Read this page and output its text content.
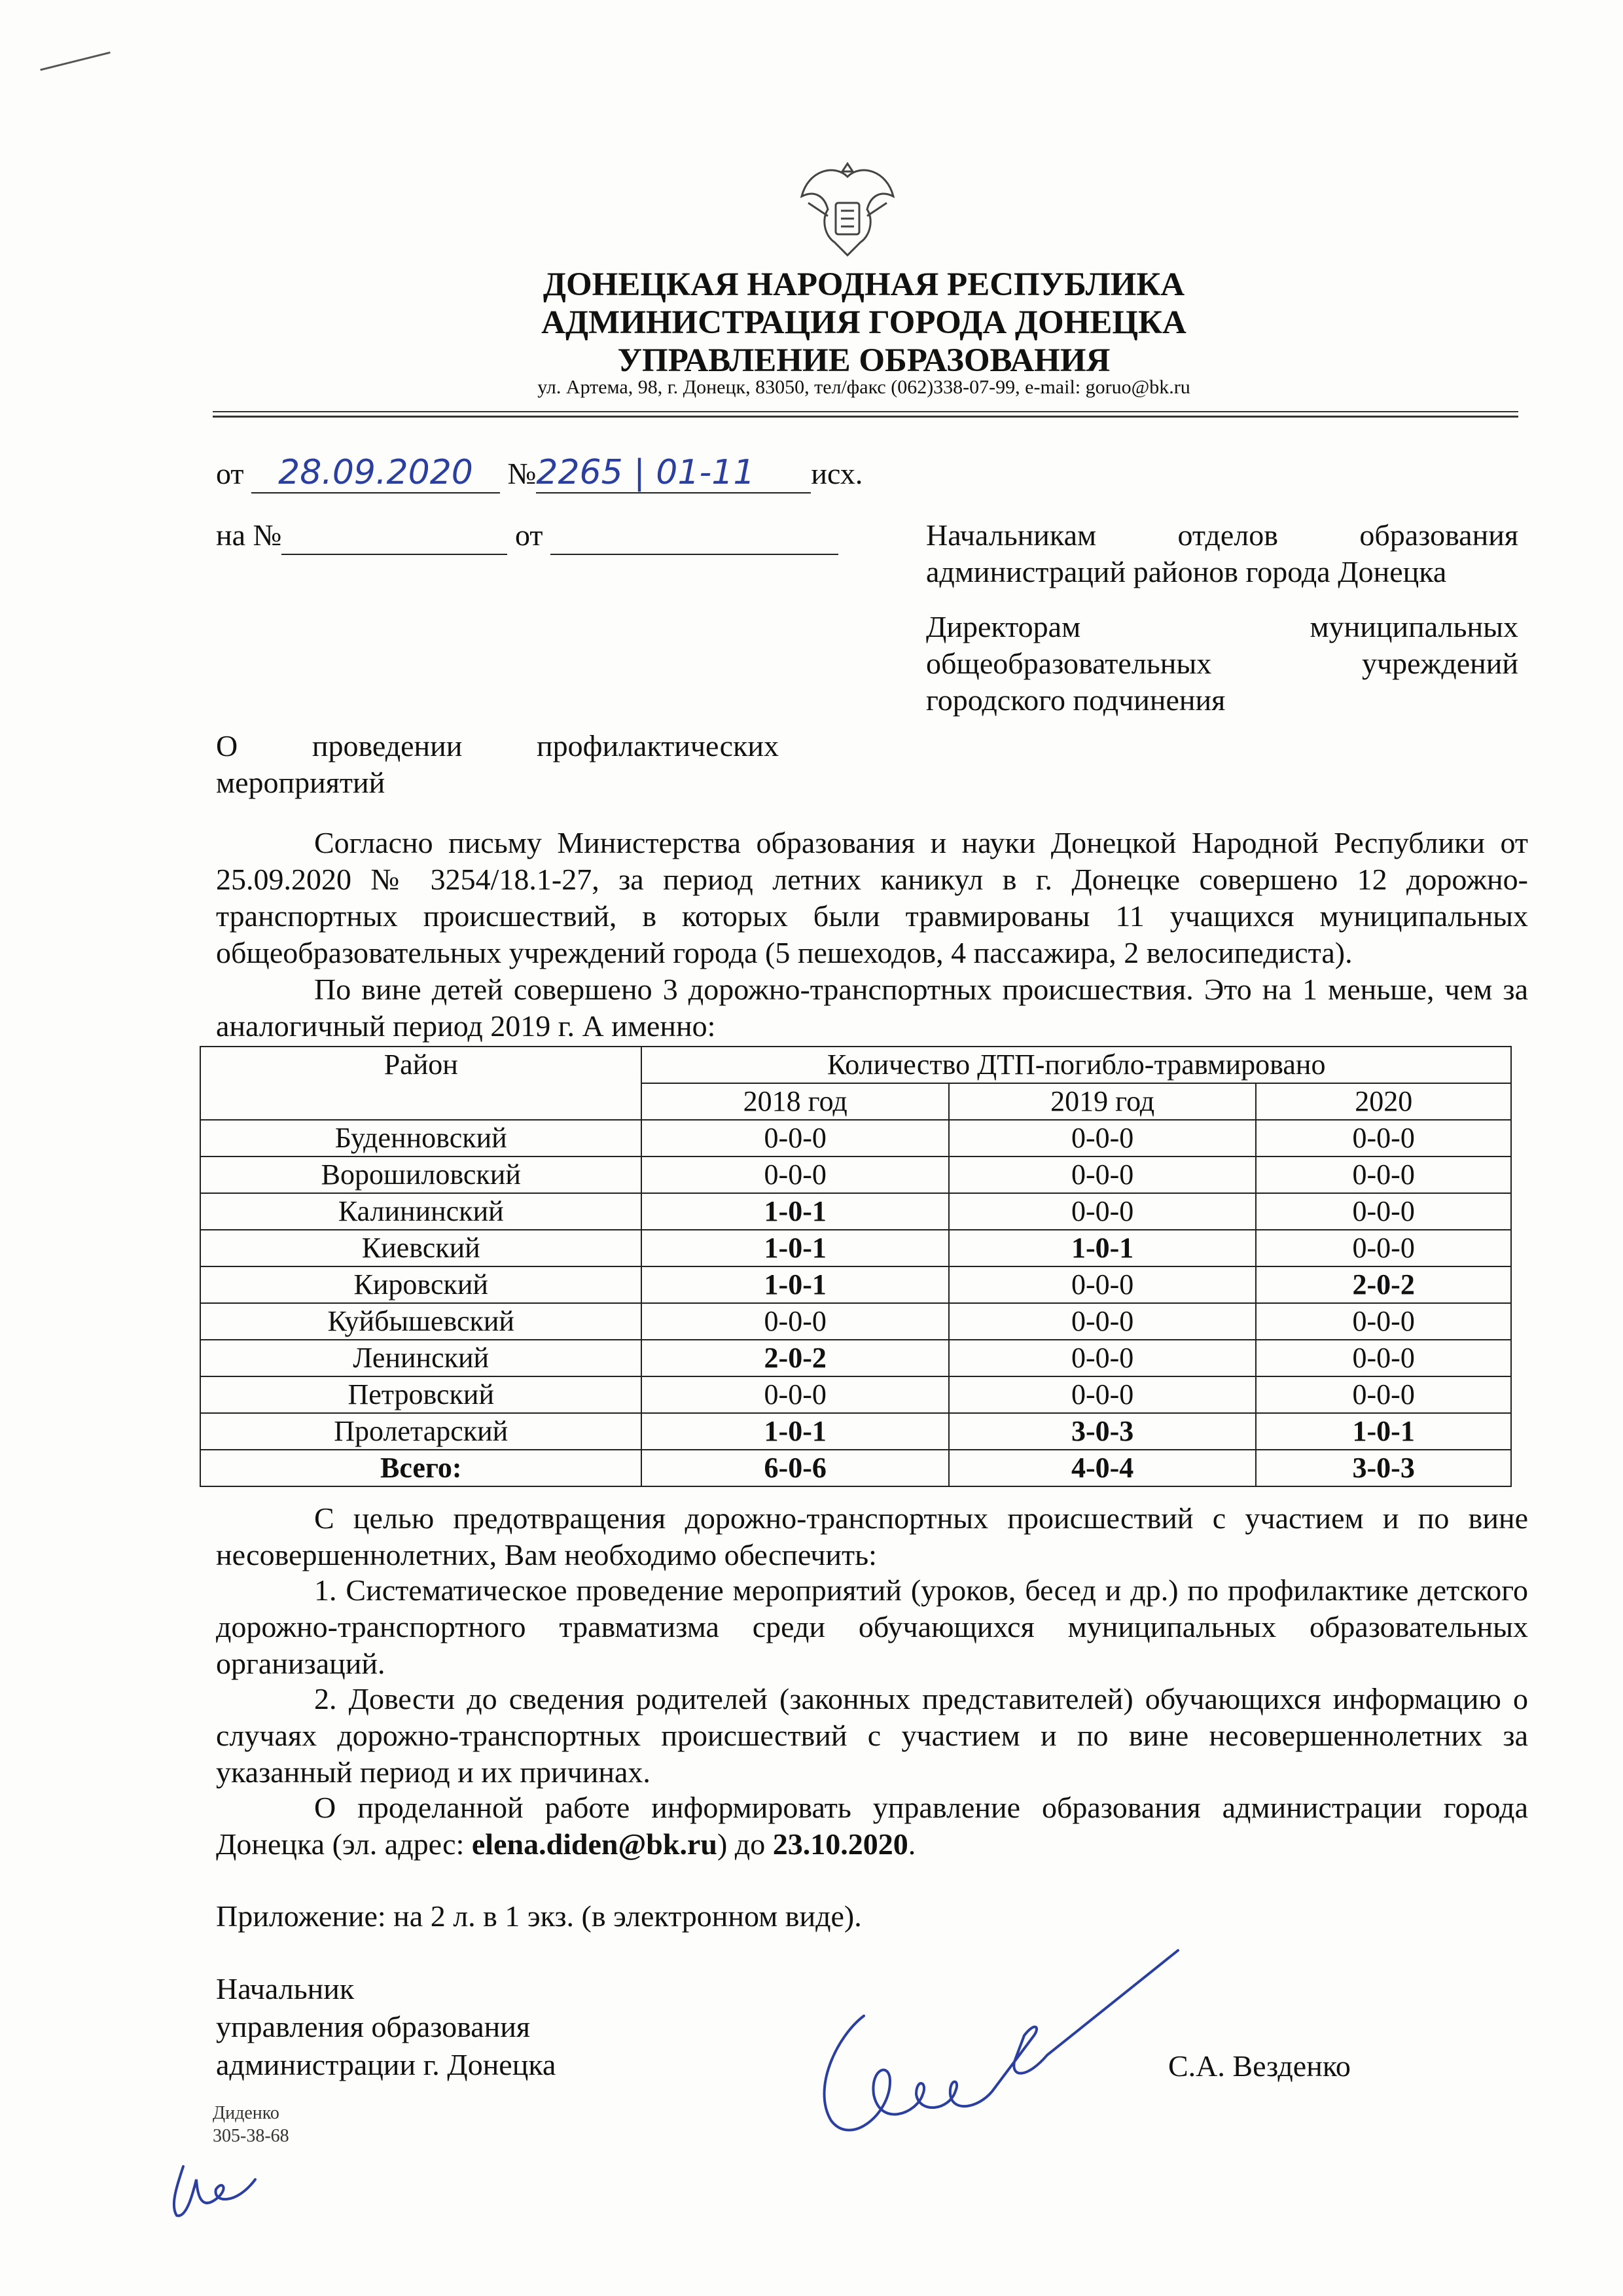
ДОНЕЦКАЯ НАРОДНАЯ РЕСПУБЛИКА
АДМИНИСТРАЦИЯ ГОРОДА ДОНЕЦКА
УПРАВЛЕНИЕ ОБРАЗОВАНИЯ
ул. Артема, 98, г. Донецк, 83050, тел/факс (062)338-07-99, e-mail: goruo@bk.ru
от 28.09.2020 №2265 | 01-11 исх.
на №	от	Начальникам отделов образования
администраций районов города Донецка
Директорам муниципальных
общеобразовательных учреждений
городского подчинения
О проведении профилактических
мероприятий
Согласно письму Министерства образования и науки Донецкой Народной Республики от 25.09.2020 № 3254/18.1-27, за период летних каникул в г. Донецке совершено 12 дорожно-транспортных происшествий, в которых были травмированы 11 учащихся муниципальных общеобразовательных учреждений города (5 пешеходов, 4 пассажира, 2 велосипедиста).
По вине детей совершено 3 дорожно-транспортных происшествия. Это на 1 меньше, чем за аналогичный период 2019 г. А именно:
Район	Количество ДТП-погибло-травмировано		
	2018 год	2019 год	2020
Буденновский	0-0-0	0-0-0	0-0-0
Ворошиловский	0-0-0	0-0-0	0-0-0
Калининский	1-0-1	0-0-0	0-0-0
Киевский	1-0-1	1-0-1	0-0-0
Кировский	1-0-1	0-0-0	2-0-2
Куйбышевский	0-0-0	0-0-0	0-0-0
Ленинский	2-0-2	0-0-0	0-0-0
Петровский	0-0-0	0-0-0	0-0-0
Пролетарский	1-0-1	3-0-3	1-0-1
Всего:	6-0-6	4-0-4	3-0-3
С целью предотвращения дорожно-транспортных происшествий с участием и по вине несовершеннолетних, Вам необходимо обеспечить:
1. Систематическое проведение мероприятий (уроков, бесед и др.) по профилактике детского дорожно-транспортного травматизма среди обучающихся муниципальных образовательных организаций.
2. Довести до сведения родителей (законных представителей) обучающихся информацию о случаях дорожно-транспортных происшествий с участием и по вине несовершеннолетних за указанный период и их причинах.
О проделанной работе информировать управление образования администрации города Донецка (эл. адрес: elena.diden@bk.ru) до 23.10.2020.
Приложение: на 2 л. в 1 экз. (в электронном виде).
Начальник
управления образования
администрации г. Донецка	С.А. Везденко
Диденко
305-38-68
